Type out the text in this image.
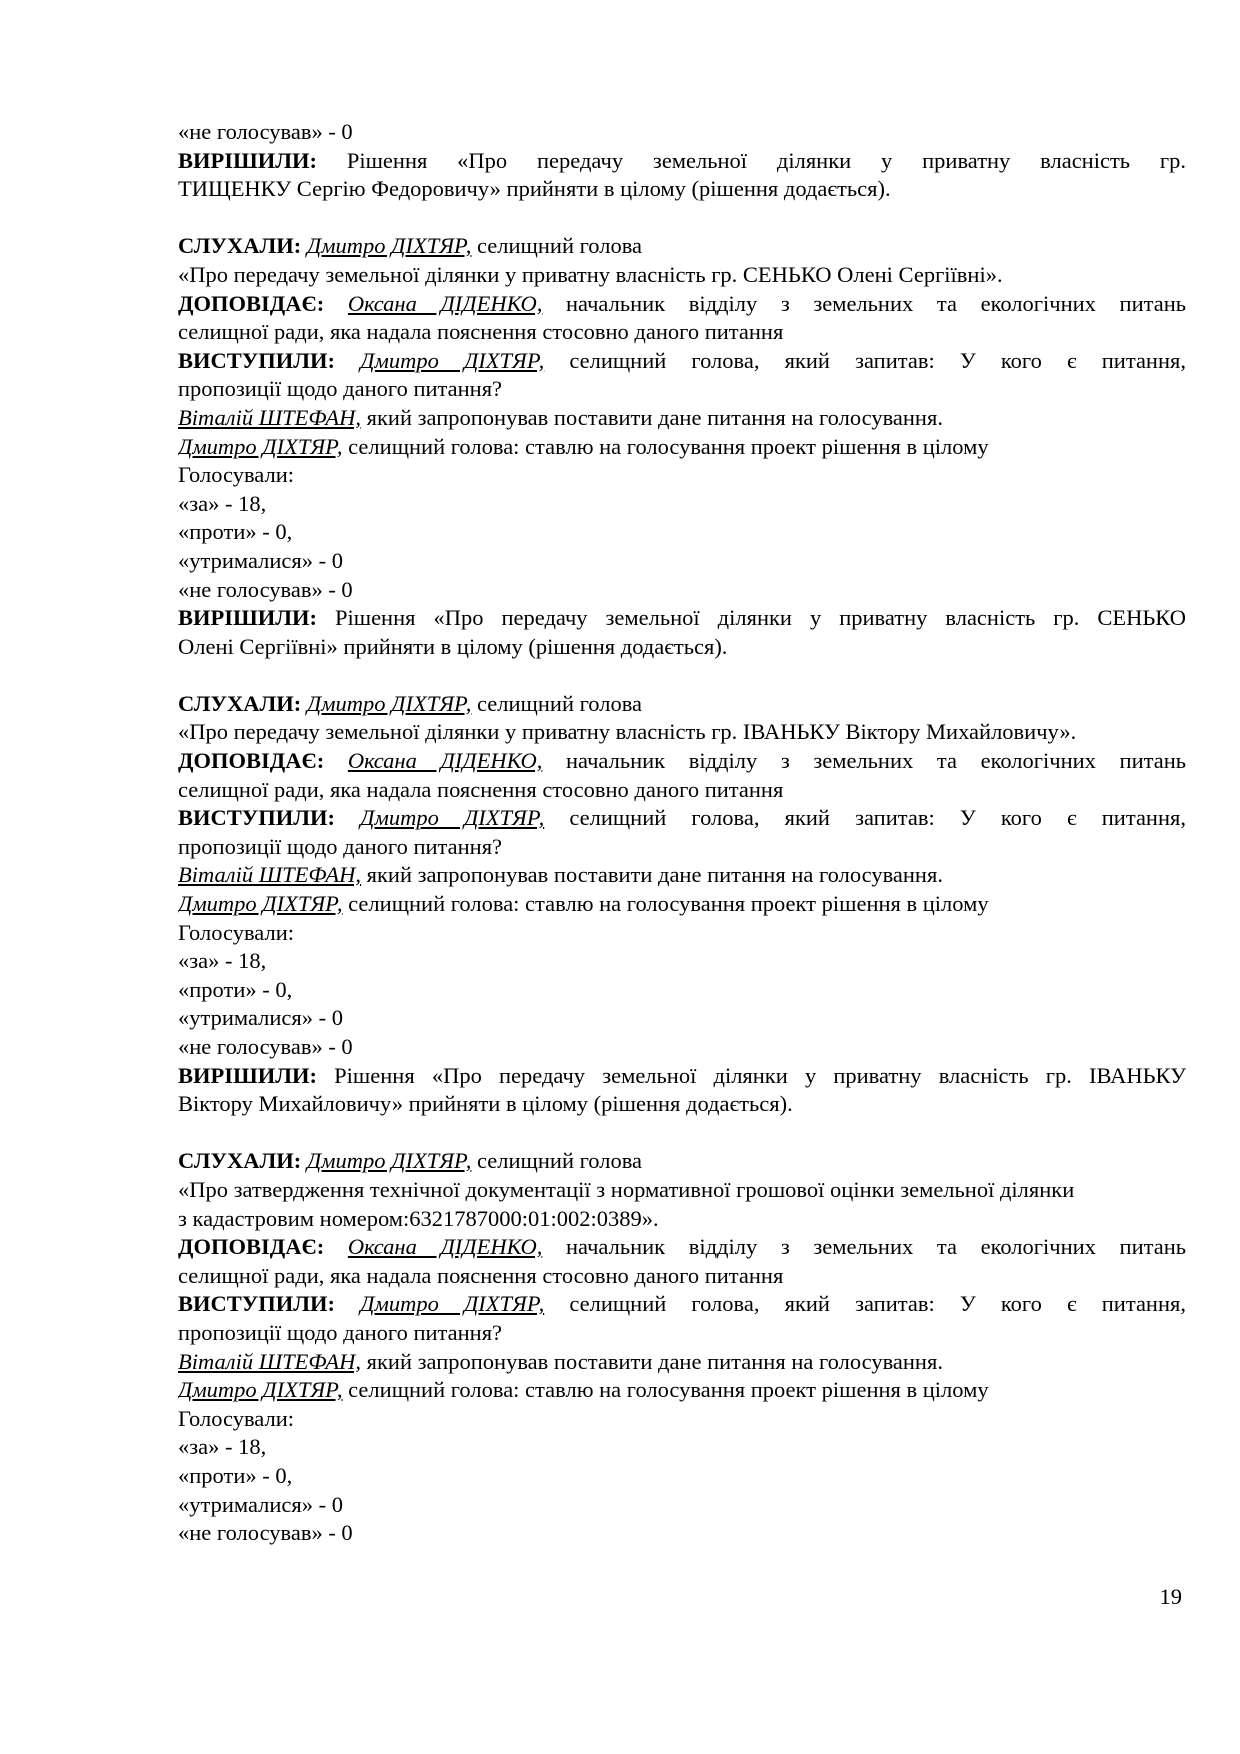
«не голосував» - 0
ВИРІШИЛИ: Рішення «Про передачу земельної ділянки у приватну власність гр.
ТИЩЕНКУ Сергію Федоровичу» прийняти в цілому (рішення додається).
СЛУХАЛИ: Дмитро ДІХТЯР, селищний голова
«Про передачу земельної ділянки у приватну власність гр. СЕНЬКО Олені Сергіївні».
ДОПОВІДАЄ: Оксана ДІДЕНКО, начальник відділу з земельних та екологічних питань
селищної ради, яка надала пояснення стосовно даного питання
ВИСТУПИЛИ: Дмитро ДІХТЯР, селищний голова, який запитав: У кого є питання,
пропозиції щодо даного питання?
Віталій ШТЕФАН, який запропонував поставити дане питання на голосування.
Дмитро ДІХТЯР, селищний голова: ставлю на голосування проект рішення в цілому
Голосували:
«за» - 18,
«проти» - 0,
«утрималися» - 0
«не голосував» - 0
ВИРІШИЛИ: Рішення «Про передачу земельної ділянки у приватну власність гр. СЕНЬКО
Олені Сергіївні» прийняти в цілому (рішення додається).
СЛУХАЛИ: Дмитро ДІХТЯР, селищний голова
«Про передачу земельної ділянки у приватну власність гр. ІВАНЬКУ Віктору Михайловичу».
ДОПОВІДАЄ: Оксана ДІДЕНКО, начальник відділу з земельних та екологічних питань
селищної ради, яка надала пояснення стосовно даного питання
ВИСТУПИЛИ: Дмитро ДІХТЯР, селищний голова, який запитав: У кого є питання,
пропозиції щодо даного питання?
Віталій ШТЕФАН, який запропонував поставити дане питання на голосування.
Дмитро ДІХТЯР, селищний голова: ставлю на голосування проект рішення в цілому
Голосували:
«за» - 18,
«проти» - 0,
«утрималися» - 0
«не голосував» - 0
ВИРІШИЛИ: Рішення «Про передачу земельної ділянки у приватну власність гр. ІВАНЬКУ
Віктору Михайловичу» прийняти в цілому (рішення додається).
СЛУХАЛИ: Дмитро ДІХТЯР, селищний голова
«Про затвердження технічної документації з нормативної грошової оцінки земельної ділянки
з кадастровим номером:6321787000:01:002:0389».
ДОПОВІДАЄ: Оксана ДІДЕНКО, начальник відділу з земельних та екологічних питань
селищної ради, яка надала пояснення стосовно даного питання
ВИСТУПИЛИ: Дмитро ДІХТЯР, селищний голова, який запитав: У кого є питання,
пропозиції щодо даного питання?
Віталій ШТЕФАН, який запропонував поставити дане питання на голосування.
Дмитро ДІХТЯР, селищний голова: ставлю на голосування проект рішення в цілому
Голосували:
«за» - 18,
«проти» - 0,
«утрималися» - 0
«не голосував» - 0
19
